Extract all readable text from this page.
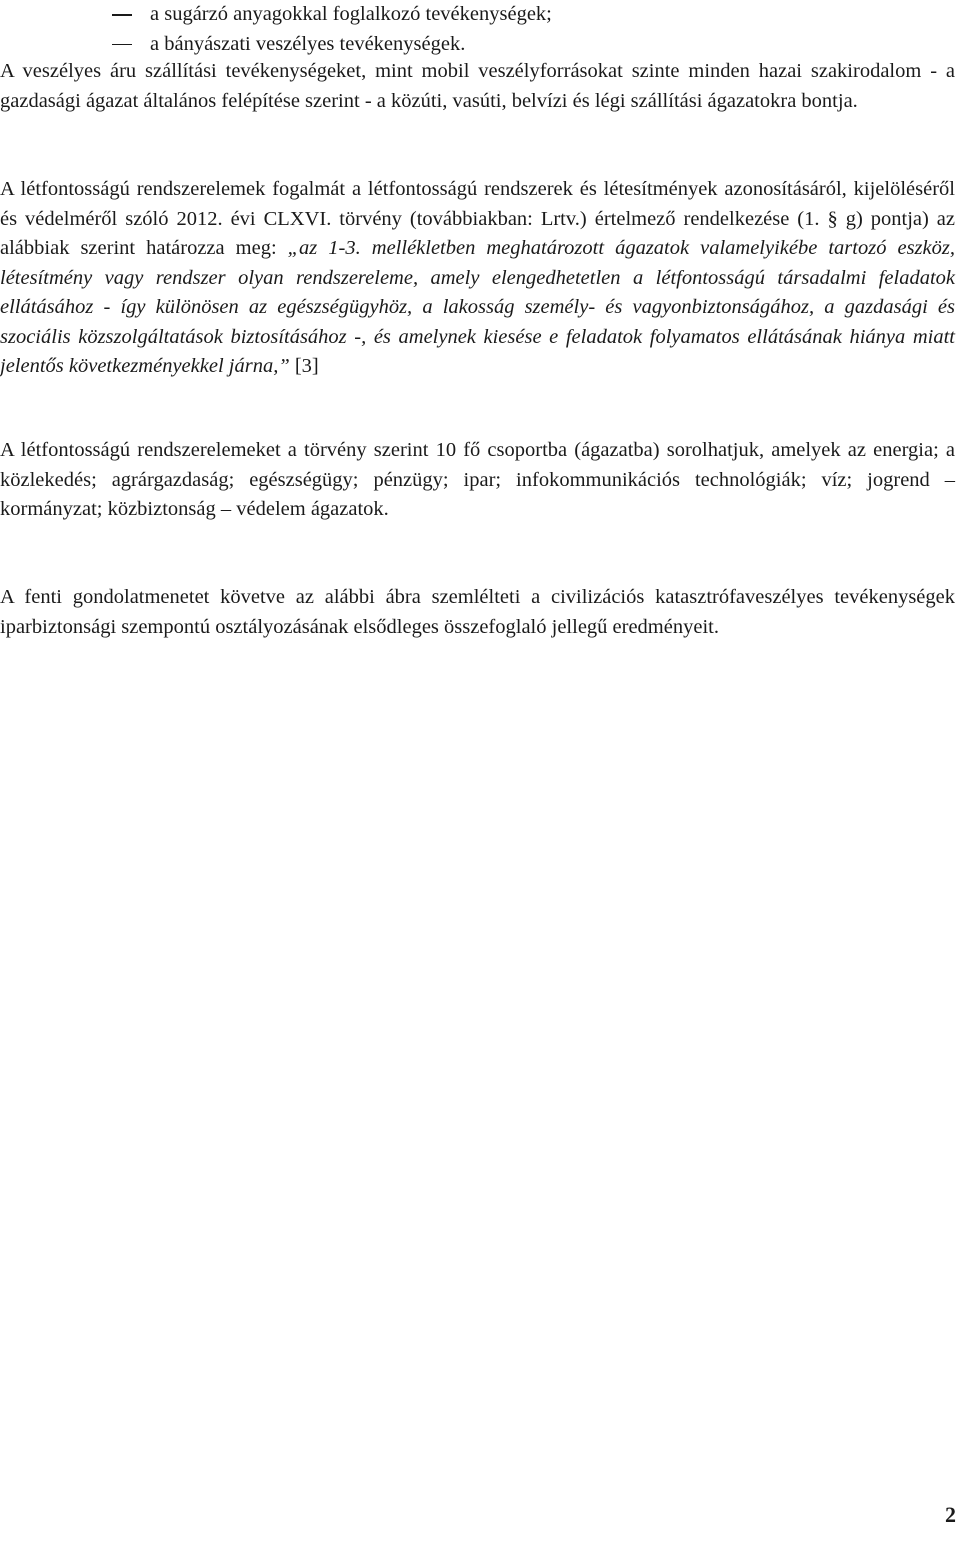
a sugárzó anyagokkal foglalkozó tevékenységek;
a bányászati veszélyes tevékenységek.

A veszélyes áru szállítási tevékenységeket, mint mobil veszélyforrásokat szinte minden hazai szakirodalom - a gazdasági ágazat általános felépítése szerint - a közúti, vasúti, belvízi és légi szállítási ágazatokra bontja.

A létfontosságú rendszerelemek fogalmát a létfontosságú rendszerek és létesítmények azonosításáról, kijelöléséről és védelméről szóló 2012. évi CLXVI. törvény (továbbiakban: Lrtv.) értelmező rendelkezése (1. § g) pontja) az alábbiak szerint határozza meg: „az 1-3. mellékletben meghatározott ágazatok valamelyikébe tartozó eszköz, létesítmény vagy rendszer olyan rendszereleme, amely elengedhetetlen a létfontosságú társadalmi feladatok ellátásához - így különösen az egészségügyhöz, a lakosság személy- és vagyonbiztonságához, a gazdasági és szociális közszolgáltatások biztosításához -, és amelynek kiesése e feladatok folyamatos ellátásának hiánya miatt jelentős következményekkel járna,” [3]

A létfontosságú rendszerelemeket a törvény szerint 10 fő csoportba (ágazatba) sorolhatjuk, amelyek az energia; a közlekedés; agrárgazdaság; egészségügy; pénzügy; ipar; infokommunikációs technológiák; víz; jogrend – kormányzat; közbiztonság – védelem ágazatok.

A fenti gondolatmenetet követve az alábbi ábra szemlélteti a civilizációs katasztrófaveszélyes tevékenységek iparbiztonsági szempontú osztályozásának elsődleges összefoglaló jellegű eredményeit.

2
